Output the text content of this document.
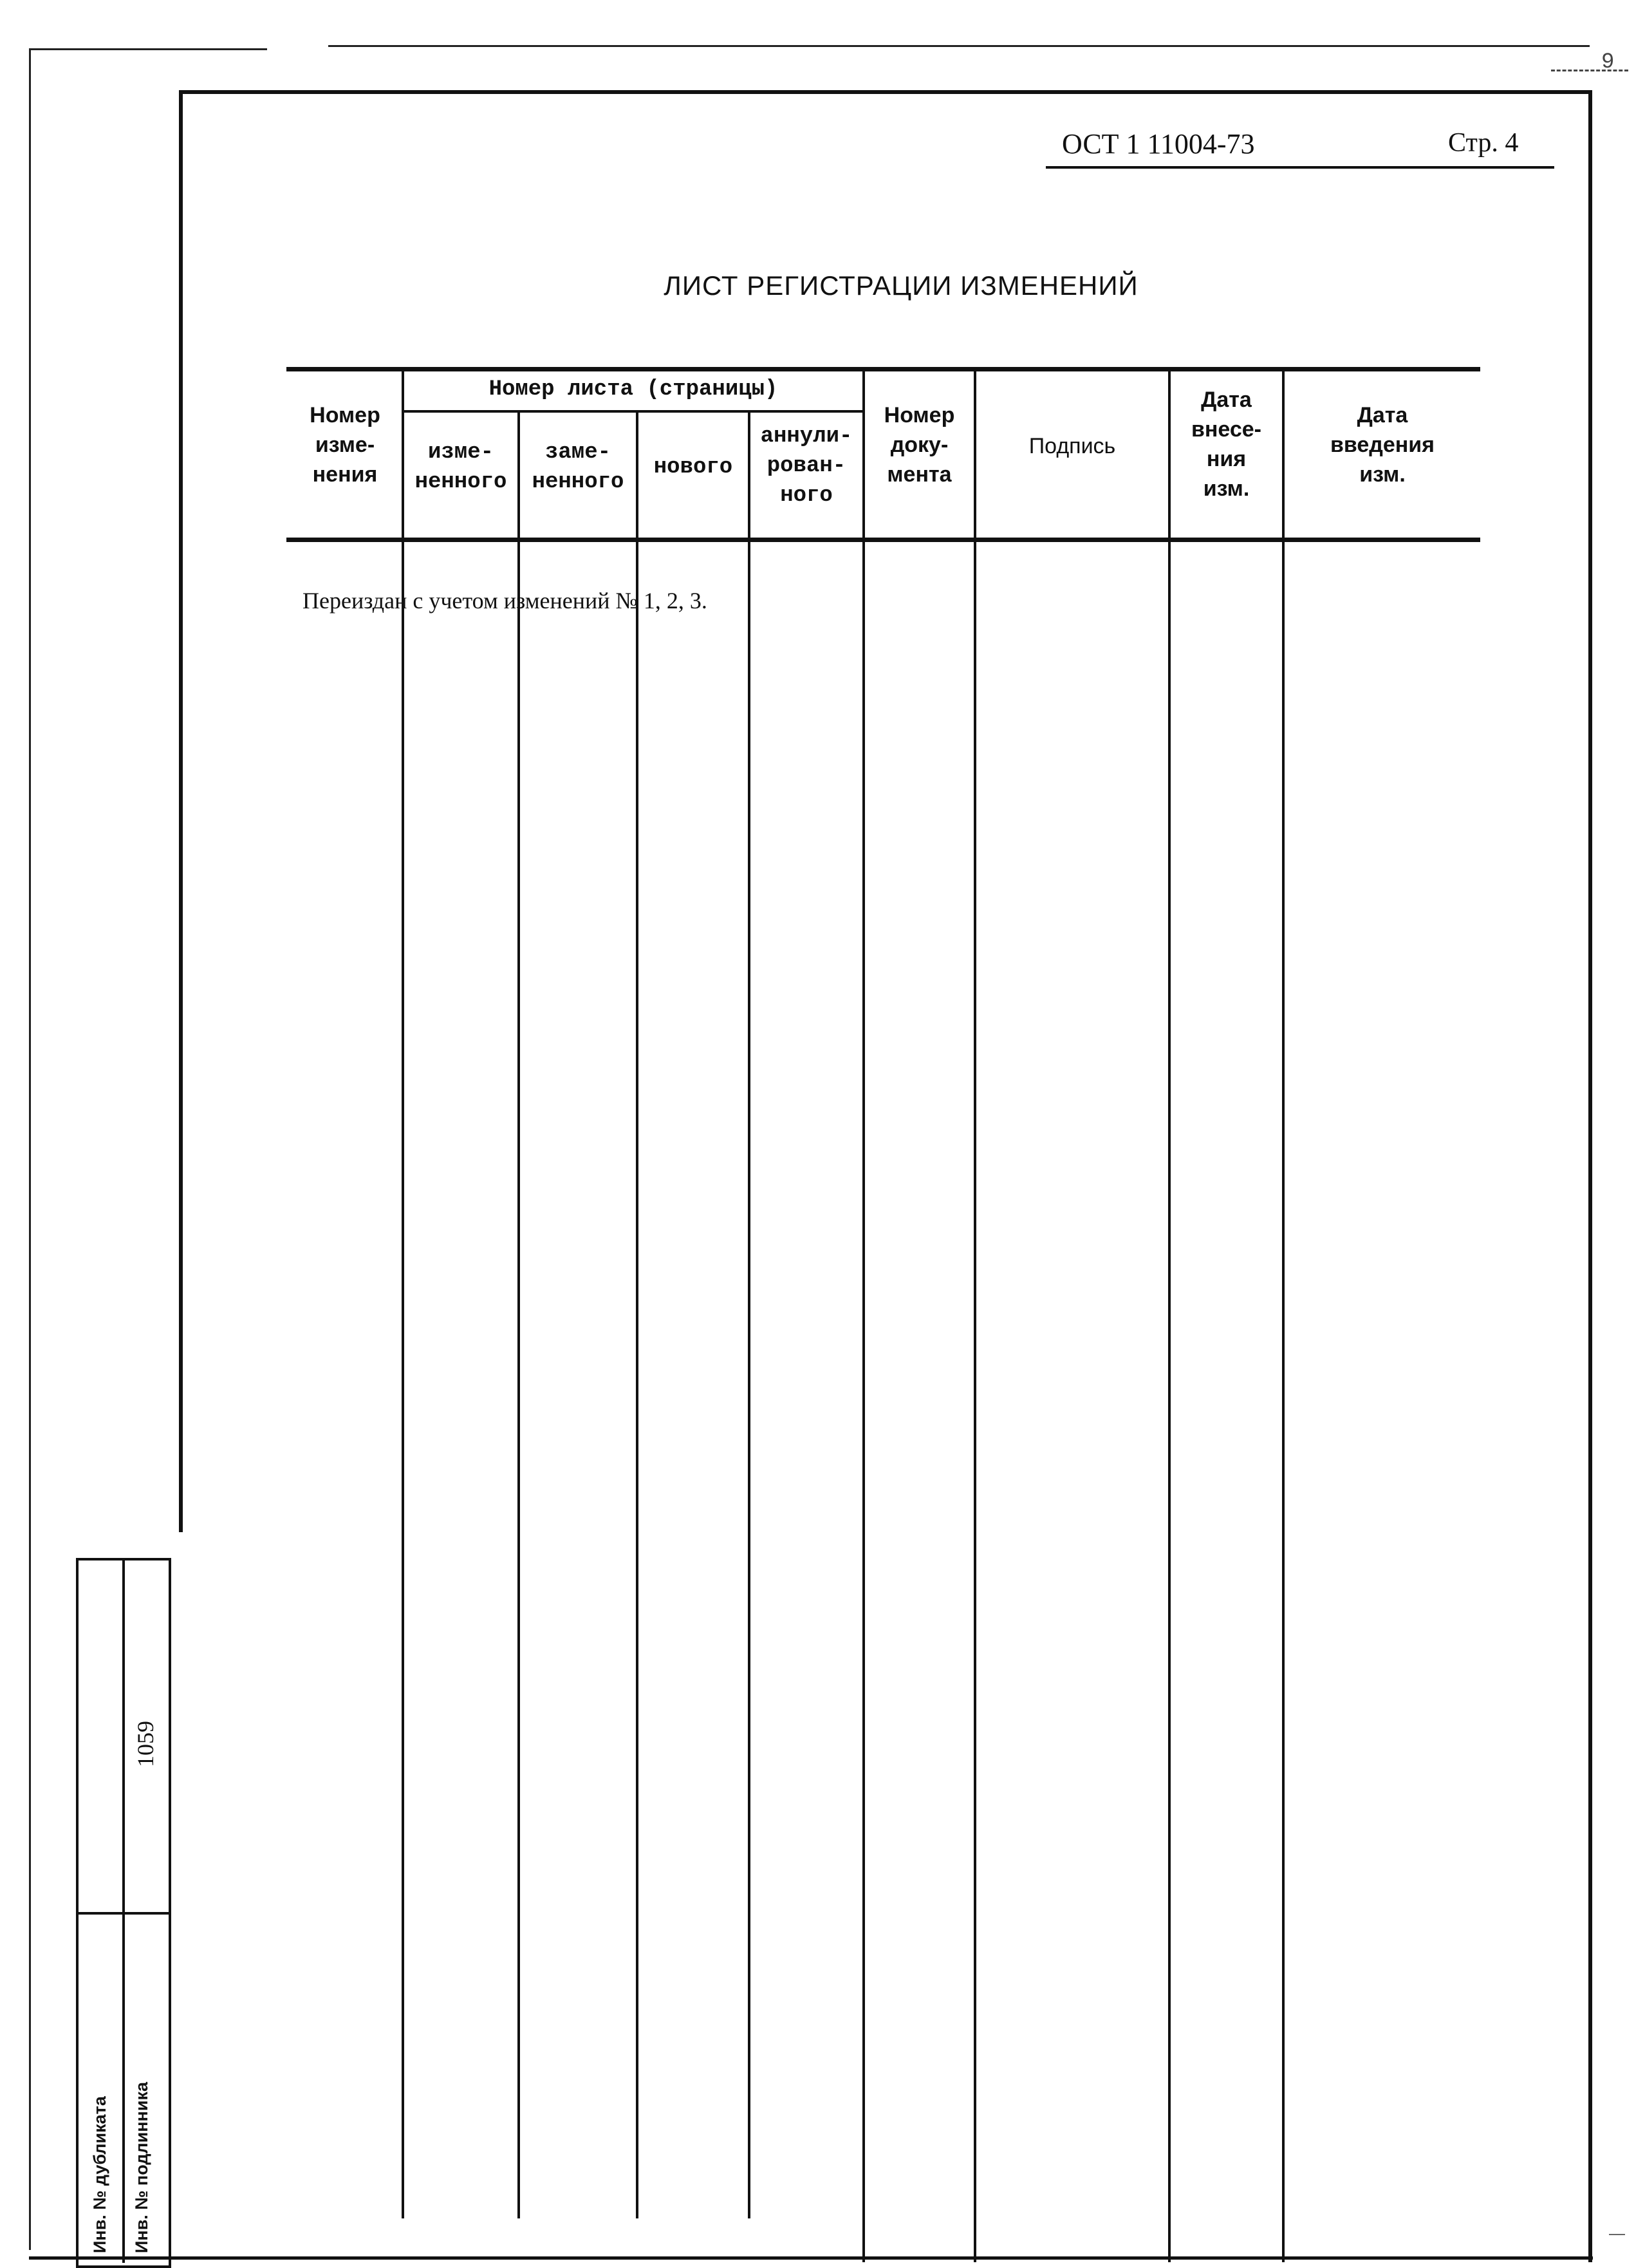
9
ОСТ 1 11004-73	Стр. 4
ЛИСТ РЕГИСТРАЦИИ ИЗМЕНЕНИЙ
Номер
изме-
нения
Номер листа (страницы)
изме-
ненного
заме-
ненного
нового
аннули-
рован-
ного
Номер
доку-
мента
Подпись
Дата
внесе-
ния
изм.
Дата
введения
изм.
Переиздан с учетом изменений № 1, 2, 3.
Инв. № дубликата Инв. № подлинника
1059
